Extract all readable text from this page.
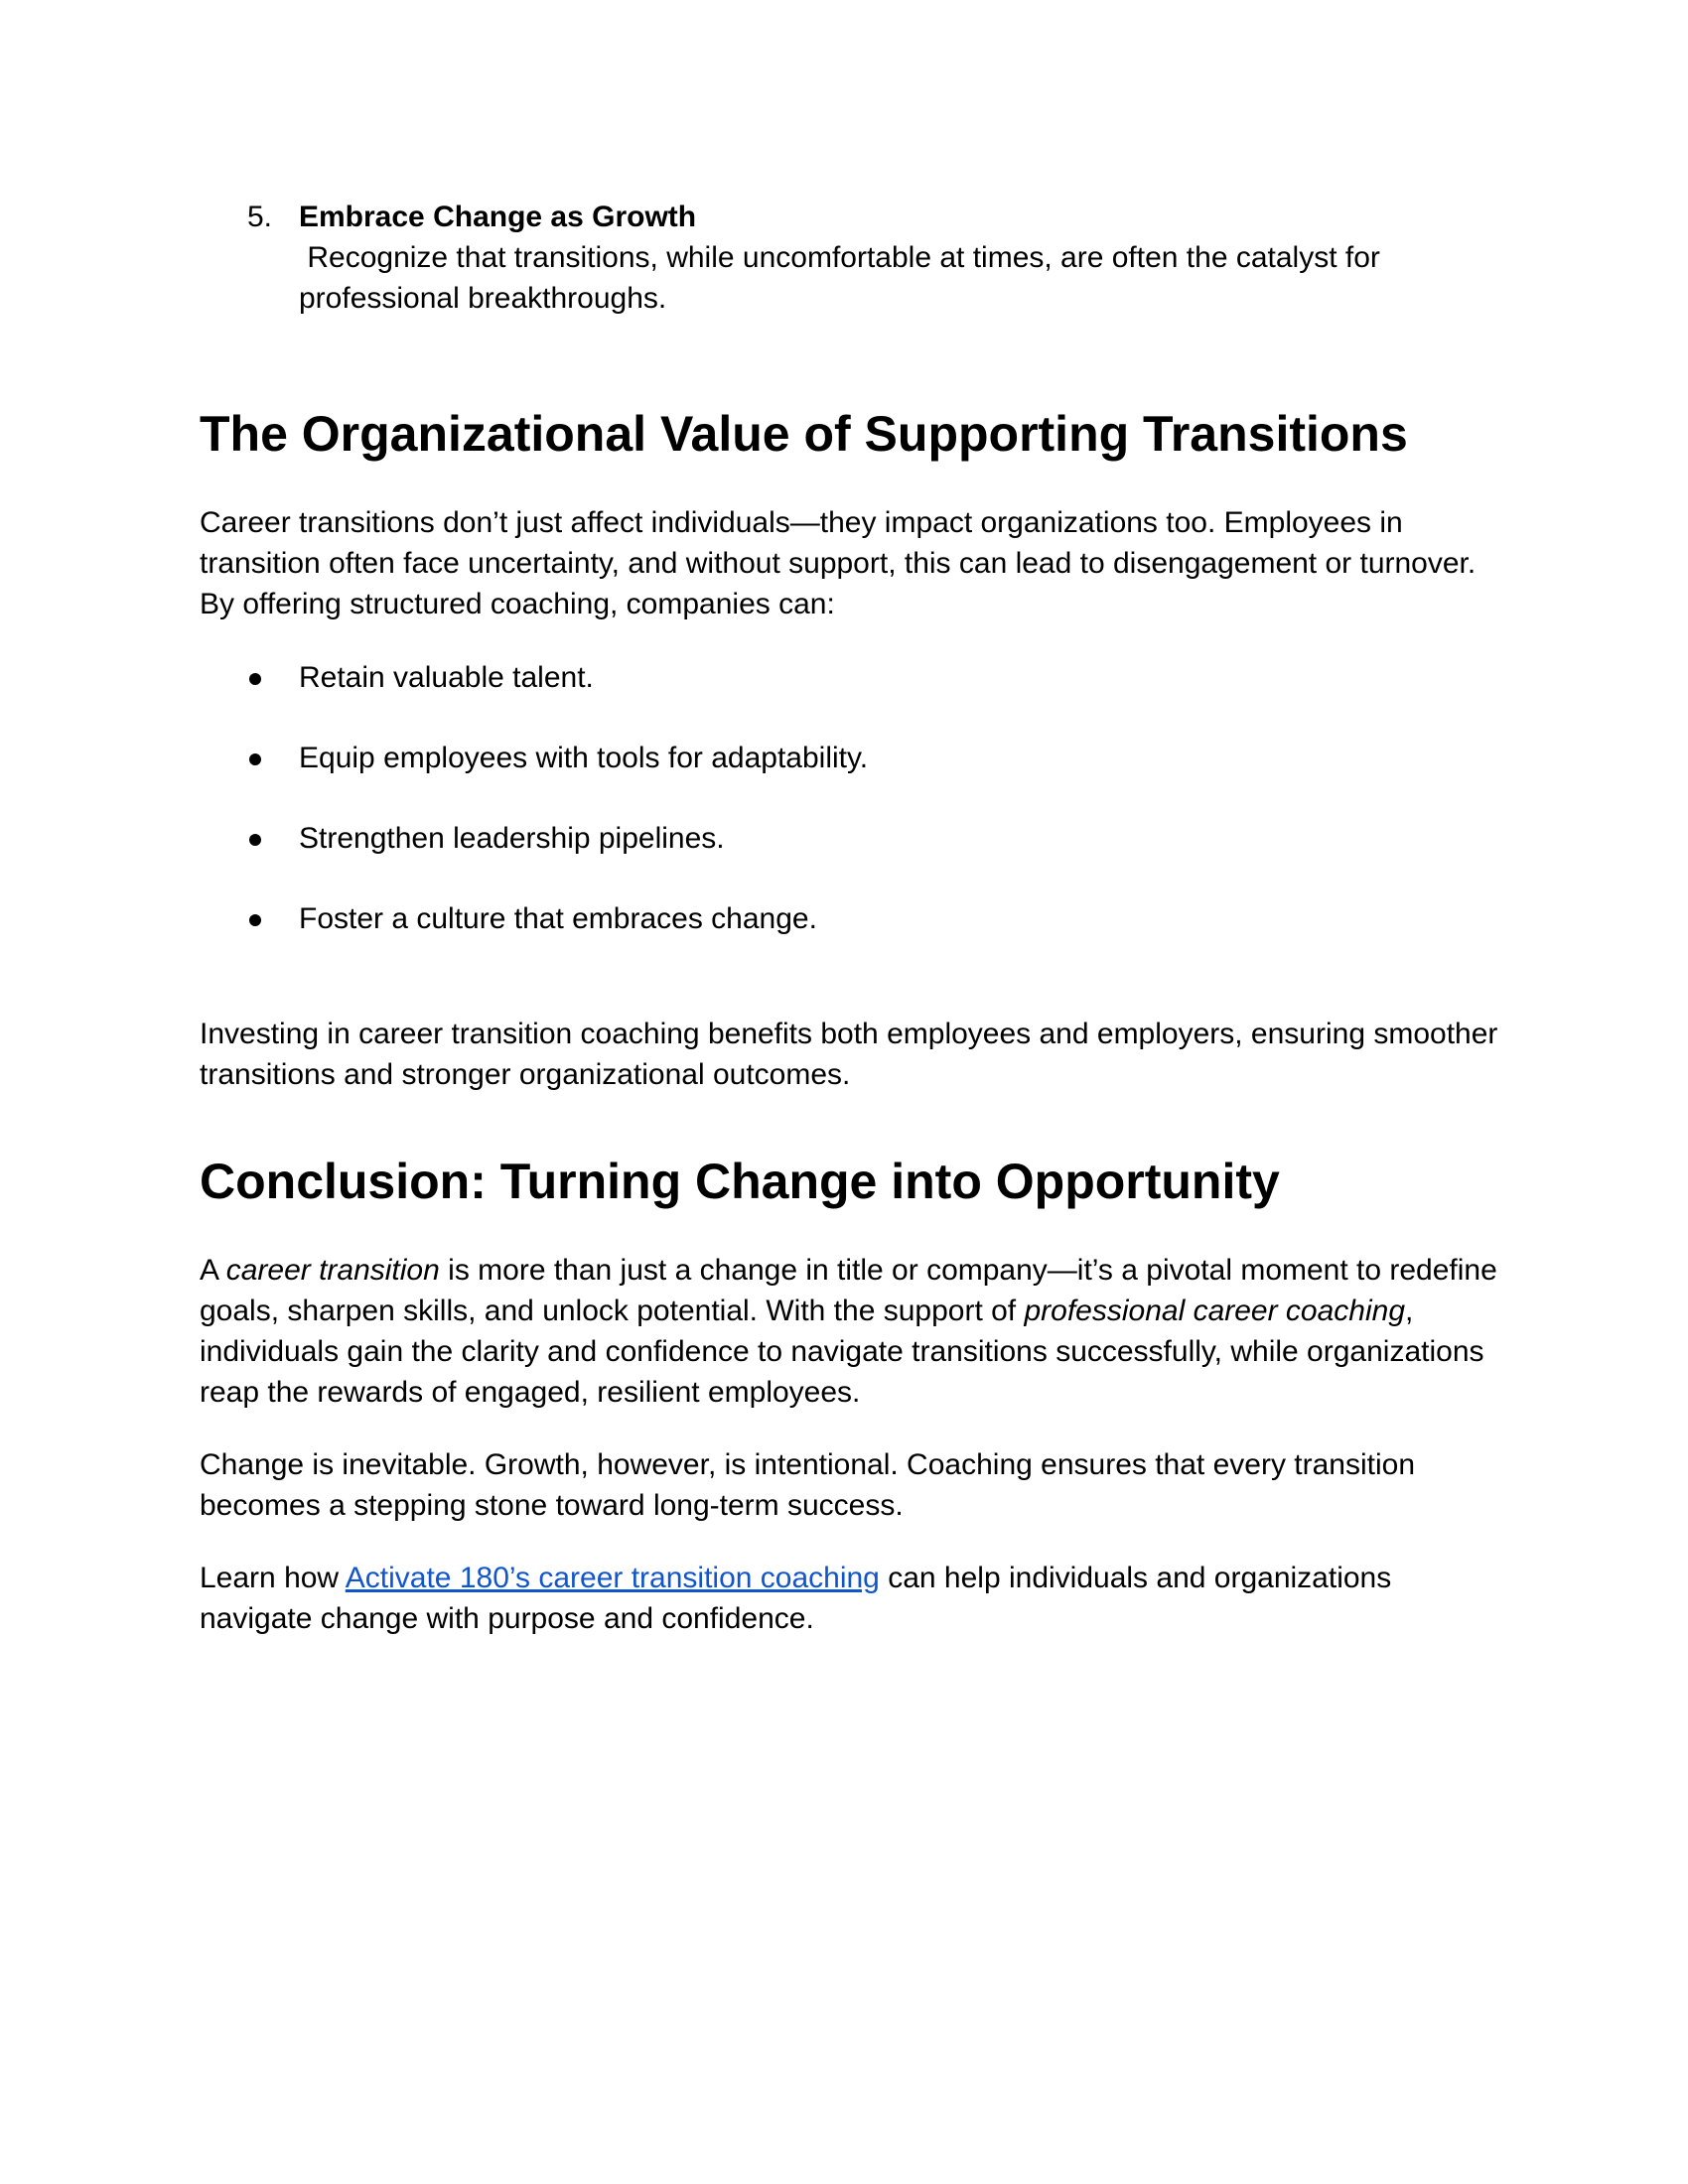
5. Embrace Change as Growth
Recognize that transitions, while uncomfortable at times, are often the catalyst for professional breakthroughs.
The Organizational Value of Supporting Transitions

Career transitions don’t just affect individuals—they impact organizations too. Employees in transition often face uncertainty, and without support, this can lead to disengagement or turnover. By offering structured coaching, companies can:

Retain valuable talent.
Equip employees with tools for adaptability.
Strengthen leadership pipelines.
Foster a culture that embraces change.

Investing in career transition coaching benefits both employees and employers, ensuring smoother transitions and stronger organizational outcomes.

Conclusion: Turning Change into Opportunity

A career transition is more than just a change in title or company—it’s a pivotal moment to redefine goals, sharpen skills, and unlock potential. With the support of professional career coaching, individuals gain the clarity and confidence to navigate transitions successfully, while organizations reap the rewards of engaged, resilient employees.

Change is inevitable. Growth, however, is intentional. Coaching ensures that every transition becomes a stepping stone toward long-term success.

Learn how Activate 180’s career transition coaching can help individuals and organizations navigate change with purpose and confidence.
